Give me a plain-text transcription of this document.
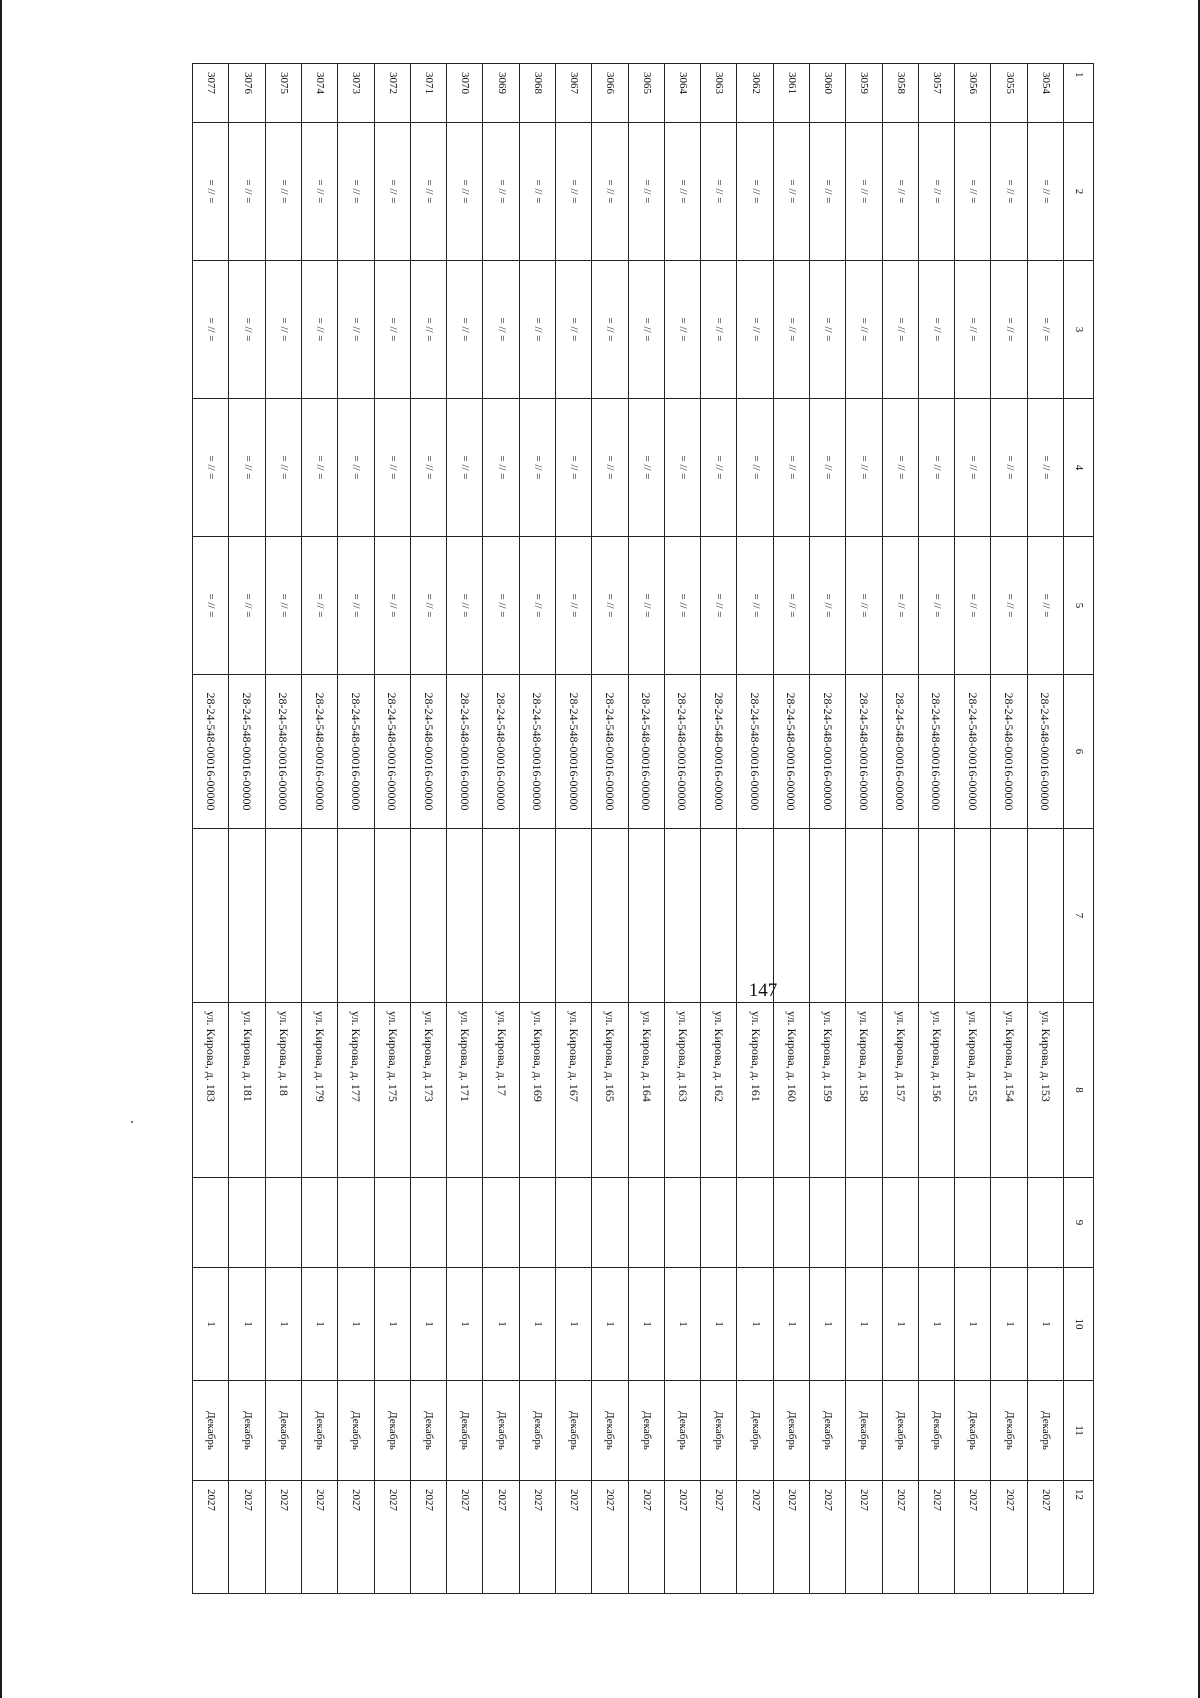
1	2	3	4	5	6	7	8	9	10	11	12
3054	= // =	= // =	= // =	= // =	28-24-548-00016-00000		ул. Кирова, д. 153		1	Декабрь	2027
3055	= // =	= // =	= // =	= // =	28-24-548-00016-00000		ул. Кирова, д. 154		1	Декабрь	2027
3056	= // =	= // =	= // =	= // =	28-24-548-00016-00000		ул. Кирова, д. 155		1	Декабрь	2027
3057	= // =	= // =	= // =	= // =	28-24-548-00016-00000		ул. Кирова, д. 156		1	Декабрь	2027
3058	= // =	= // =	= // =	= // =	28-24-548-00016-00000		ул. Кирова, д. 157		1	Декабрь	2027
3059	= // =	= // =	= // =	= // =	28-24-548-00016-00000		ул. Кирова, д. 158		1	Декабрь	2027
3060	= // =	= // =	= // =	= // =	28-24-548-00016-00000		ул. Кирова, д. 159		1	Декабрь	2027
3061	= // =	= // =	= // =	= // =	28-24-548-00016-00000		ул. Кирова, д. 160		1	Декабрь	2027
3062	= // =	= // =	= // =	= // =	28-24-548-00016-00000		ул. Кирова, д. 161		1	Декабрь	2027
3063	= // =	= // =	= // =	= // =	28-24-548-00016-00000		ул. Кирова, д. 162		1	Декабрь	2027
3064	= // =	= // =	= // =	= // =	28-24-548-00016-00000		ул. Кирова, д. 163		1	Декабрь	2027
3065	= // =	= // =	= // =	= // =	28-24-548-00016-00000		ул. Кирова, д. 164		1	Декабрь	2027
3066	= // =	= // =	= // =	= // =	28-24-548-00016-00000		ул. Кирова, д. 165		1	Декабрь	2027
3067	= // =	= // =	= // =	= // =	28-24-548-00016-00000		ул. Кирова, д. 167		1	Декабрь	2027
3068	= // =	= // =	= // =	= // =	28-24-548-00016-00000		ул. Кирова, д. 169		1	Декабрь	2027
3069	= // =	= // =	= // =	= // =	28-24-548-00016-00000		ул. Кирова, д. 17		1	Декабрь	2027
3070	= // =	= // =	= // =	= // =	28-24-548-00016-00000		ул. Кирова, д. 171		1	Декабрь	2027
3071	= // =	= // =	= // =	= // =	28-24-548-00016-00000		ул. Кирова, д. 173		1	Декабрь	2027
3072	= // =	= // =	= // =	= // =	28-24-548-00016-00000		ул. Кирова, д. 175		1	Декабрь	2027
3073	= // =	= // =	= // =	= // =	28-24-548-00016-00000		ул. Кирова, д. 177		1	Декабрь	2027
3074	= // =	= // =	= // =	= // =	28-24-548-00016-00000		ул. Кирова, д. 179		1	Декабрь	2027
3075	= // =	= // =	= // =	= // =	28-24-548-00016-00000		ул. Кирова, д. 18		1	Декабрь	2027
3076	= // =	= // =	= // =	= // =	28-24-548-00016-00000		ул. Кирова, д. 181		1	Декабрь	2027
3077	= // =	= // =	= // =	= // =	28-24-548-00016-00000		ул. Кирова, д. 183		1	Декабрь	2027
147
